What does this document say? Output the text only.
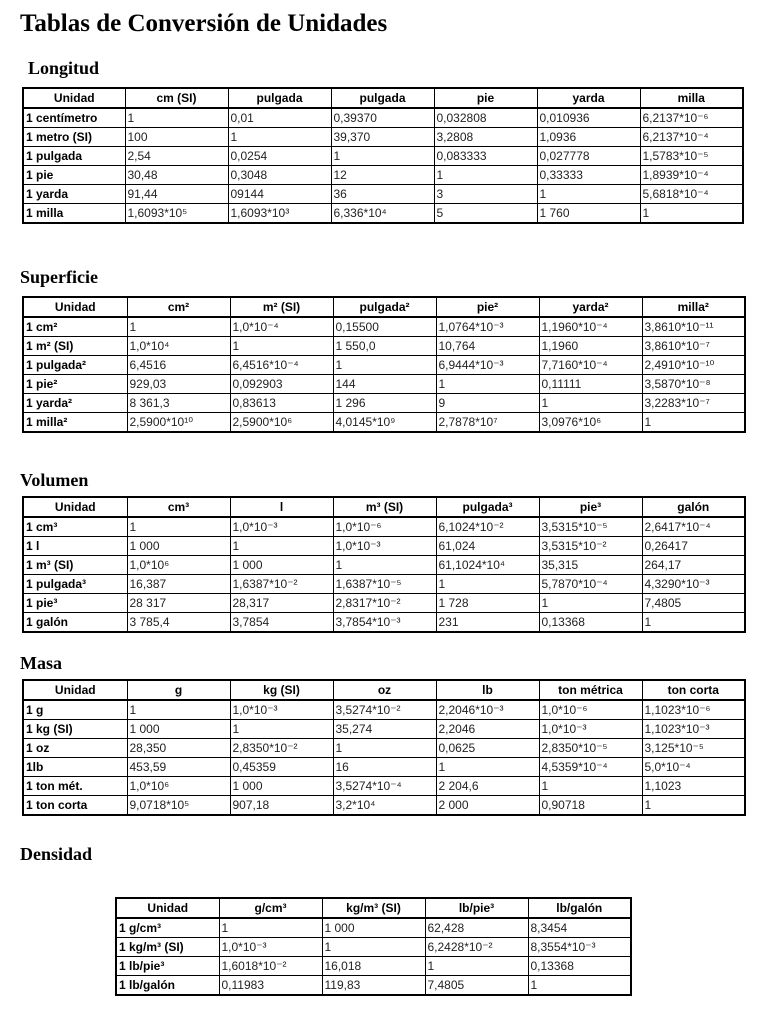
Tablas de Conversión de Unidades
Longitud
Unidad	cm (SI)	pulgada	pulgada	pie	yarda	milla
1 centímetro	1	0,01	0,39370	0,032808	0,010936	6,2137*10⁻⁶
1 metro (SI)	100	1	39,370	3,2808	1,0936	6,2137*10⁻⁴
1 pulgada	2,54	0,0254	1	0,083333	0,027778	1,5783*10⁻⁵
1 pie	30,48	0,3048	12	1	0,33333	1,8939*10⁻⁴
1 yarda	91,44	09144	36	3	1	5,6818*10⁻⁴
1 milla	1,6093*10⁵	1,6093*10³	6,336*10⁴	5	1 760	1
Superficie
Unidad	cm²	m² (SI)	pulgada²	pie²	yarda²	milla²
1 cm²	1	1,0*10⁻⁴	0,15500	1,0764*10⁻³	1,1960*10⁻⁴	3,8610*10⁻¹¹
1 m² (SI)	1,0*10⁴	1	1 550,0	10,764	1,1960	3,8610*10⁻⁷
1 pulgada²	6,4516	6,4516*10⁻⁴	1	6,9444*10⁻³	7,7160*10⁻⁴	2,4910*10⁻¹⁰
1 pie²	929,03	0,092903	144	1	0,11111	3,5870*10⁻⁸
1 yarda²	8 361,3	0,83613	1 296	9	1	3,2283*10⁻⁷
1 milla²	2,5900*10¹⁰	2,5900*10⁶	4,0145*10⁹	2,7878*10⁷	3,0976*10⁶	1
Volumen
Unidad	cm³	l	m³ (SI)	pulgada³	pie³	galón
1 cm³	1	1,0*10⁻³	1,0*10⁻⁶	6,1024*10⁻²	3,5315*10⁻⁵	2,6417*10⁻⁴
1 l	1 000	1	1,0*10⁻³	61,024	3,5315*10⁻²	0,26417
1 m³ (SI)	1,0*10⁶	1 000	1	61,1024*10⁴	35,315	264,17
1 pulgada³	16,387	1,6387*10⁻²	1,6387*10⁻⁵	1	5,7870*10⁻⁴	4,3290*10⁻³
1 pie³	28 317	28,317	2,8317*10⁻²	1 728	1	7,4805
1 galón	3 785,4	3,7854	3,7854*10⁻³	231	0,13368	1
Masa
Unidad	g	kg (SI)	oz	lb	ton métrica	ton corta
1 g	1	1,0*10⁻³	3,5274*10⁻²	2,2046*10⁻³	1,0*10⁻⁶	1,1023*10⁻⁶
1 kg (SI)	1 000	1	35,274	2,2046	1,0*10⁻³	1,1023*10⁻³
1 oz	28,350	2,8350*10⁻²	1	0,0625	2,8350*10⁻⁵	3,125*10⁻⁵
1lb	453,59	0,45359	16	1	4,5359*10⁻⁴	5,0*10⁻⁴
1 ton mét.	1,0*10⁶	1 000	3,5274*10⁻⁴	2 204,6	1	1,1023
1 ton corta	9,0718*10⁵	907,18	3,2*10⁴	2 000	0,90718	1
Densidad
Unidad	g/cm³	kg/m³ (SI)	lb/pie³	lb/galón
1 g/cm³	1	1 000	62,428	8,3454
1 kg/m³ (SI)	1,0*10⁻³	1	6,2428*10⁻²	8,3554*10⁻³
1 lb/pie³	1,6018*10⁻²	16,018	1	0,13368
1 lb/galón	0,11983	119,83	7,4805	1
